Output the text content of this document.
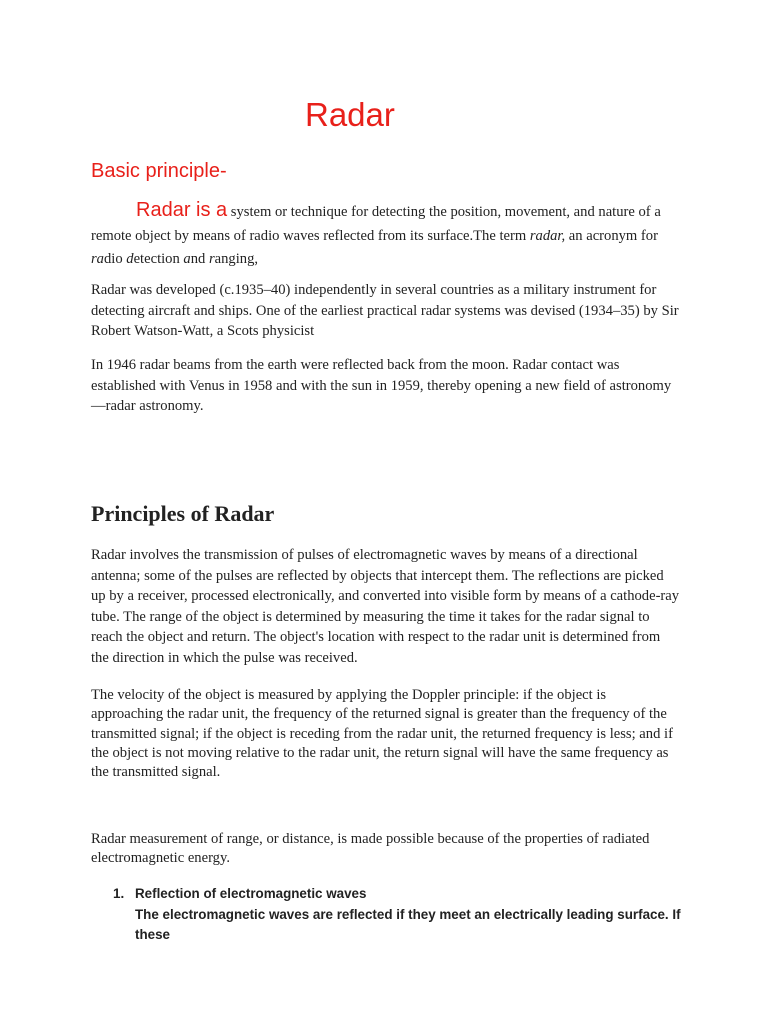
Radar
Basic principle-
Radar is a system or technique for detecting the position, movement, and nature of a remote object by means of radio waves reflected from its surface.The term radar, an acronym for radio detection and ranging,
Radar was developed (c.1935–40) independently in several countries as a military instrument for detecting aircraft and ships. One of the earliest practical radar systems was devised (1934–35) by Sir Robert Watson-Watt, a Scots physicist
In 1946 radar beams from the earth were reflected back from the moon. Radar contact was established with Venus in 1958 and with the sun in 1959, thereby opening a new field of astronomy—radar astronomy.
Principles of Radar
Radar involves the transmission of pulses of electromagnetic waves by means of a directional antenna; some of the pulses are reflected by objects that intercept them. The reflections are picked up by a receiver, processed electronically, and converted into visible form by means of a cathode-ray tube. The range of the object is determined by measuring the time it takes for the radar signal to reach the object and return. The object's location with respect to the radar unit is determined from the direction in which the pulse was received.
The velocity of the object is measured by applying the Doppler principle: if the object is approaching the radar unit, the frequency of the returned signal is greater than the frequency of the transmitted signal; if the object is receding from the radar unit, the returned frequency is less; and if the object is not moving relative to the radar unit, the return signal will have the same frequency as the transmitted signal.
Radar measurement of range, or distance, is made possible because of the properties of radiated electromagnetic energy.
1. Reflection of electromagnetic waves
The electromagnetic waves are reflected if they meet an electrically leading surface. If these
